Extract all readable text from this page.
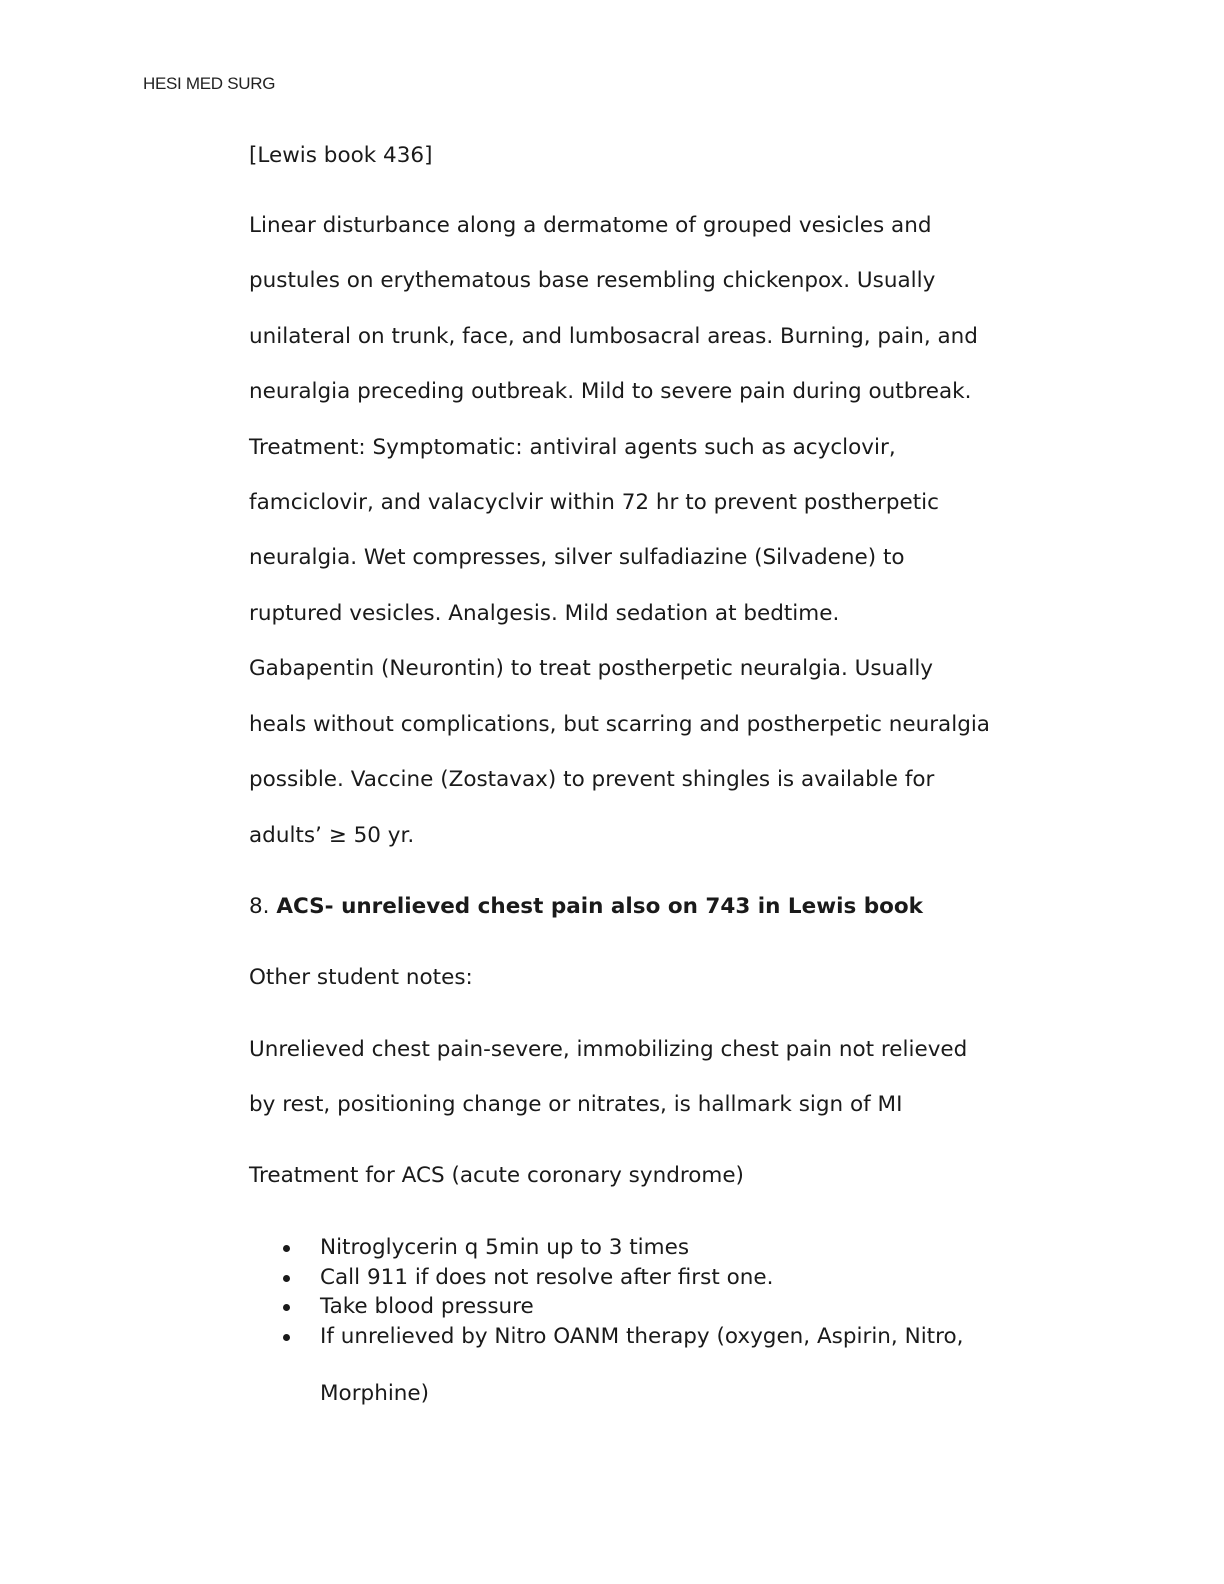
HESI MED SURG
[Lewis book 436]
Linear disturbance along a dermatome of grouped vesicles and
pustules on erythematous base resembling chickenpox. Usually
unilateral on trunk, face, and lumbosacral areas. Burning, pain, and
neuralgia preceding outbreak. Mild to severe pain during outbreak.
Treatment: Symptomatic: antiviral agents such as acyclovir,
famciclovir, and valacyclvir within 72 hr to prevent postherpetic
neuralgia. Wet compresses, silver sulfadiazine (Silvadene) to
ruptured vesicles. Analgesis. Mild sedation at bedtime.
Gabapentin (Neurontin) to treat postherpetic neuralgia. Usually
heals without complications, but scarring and postherpetic neuralgia
possible. Vaccine (Zostavax) to prevent shingles is available for
adults’ ≥ 50 yr.
8. ACS- unrelieved chest pain also on 743 in Lewis book
Other student notes:
Unrelieved chest pain-severe, immobilizing chest pain not relieved
by rest, positioning change or nitrates, is hallmark sign of MI
Treatment for ACS (acute coronary syndrome)
Nitroglycerin q 5min up to 3 times
Call 911 if does not resolve after first one.
Take blood pressure
If unrelieved by Nitro OANM therapy (oxygen, Aspirin, Nitro,
Morphine)
